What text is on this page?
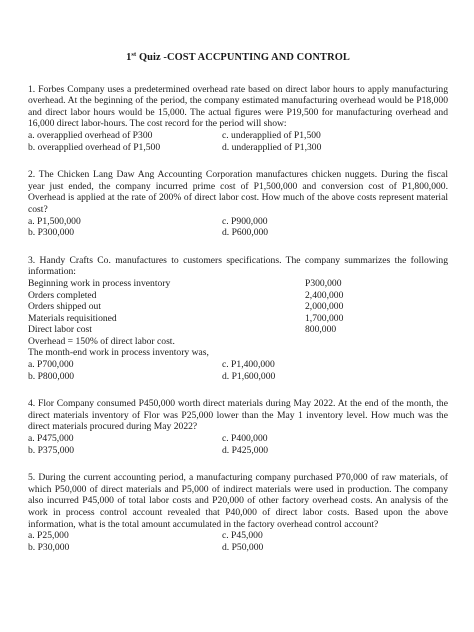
1st Quiz -COST ACCPUNTING AND CONTROL

1. Forbes Company uses a predetermined overhead rate based on direct labor hours to apply manufacturing overhead. At the beginning of the period, the company estimated manufacturing overhead would be P18,000 and direct labor hours would be 15,000. The actual figures were P19,500 for manufacturing overhead and 16,000 direct labor-hours. The cost record for the period will show:

a. overapplied overhead of P300	c. underapplied of P1,500
b. overapplied overhead of P1,500	d. underapplied of P1,300

2. The Chicken Lang Daw Ang Accounting Corporation manufactures chicken nuggets. During the fiscal year just ended, the company incurred prime cost of P1,500,000 and conversion cost of P1,800,000. Overhead is applied at the rate of 200% of direct labor cost. How much of the above costs represent material cost?

a. P1,500,000	c. P900,000
b. P300,000	d. P600,000

3. Handy Crafts Co. manufactures to customers specifications. The company summarizes the following information:

Beginning work in process inventory	P300,000
Orders completed	2,400,000
Orders shipped out	2,000,000
Materials requisitioned	1,700,000
Direct labor cost	800,000

Overhead = 150% of direct labor cost.

The month-end work in process inventory was,

a. P700,000	c. P1,400,000
b. P800,000	d. P1,600,000

4. Flor Company consumed P450,000 worth direct materials during May 2022. At the end of the month, the direct materials inventory of Flor was P25,000 lower than the May 1 inventory level. How much was the direct materials procured during May 2022?

a. P475,000	c. P400,000
b. P375,000	d. P425,000

5. During the current accounting period, a manufacturing company purchased P70,000 of raw materials, of which P50,000 of direct materials and P5,000 of indirect materials were used in production. The company also incurred P45,000 of total labor costs and P20,000 of other factory overhead costs. An analysis of the work in process control account revealed that P40,000 of direct labor costs. Based upon the above information, what is the total amount accumulated in the factory overhead control account?

a. P25,000	c. P45,000
b. P30,000	d. P50,000
